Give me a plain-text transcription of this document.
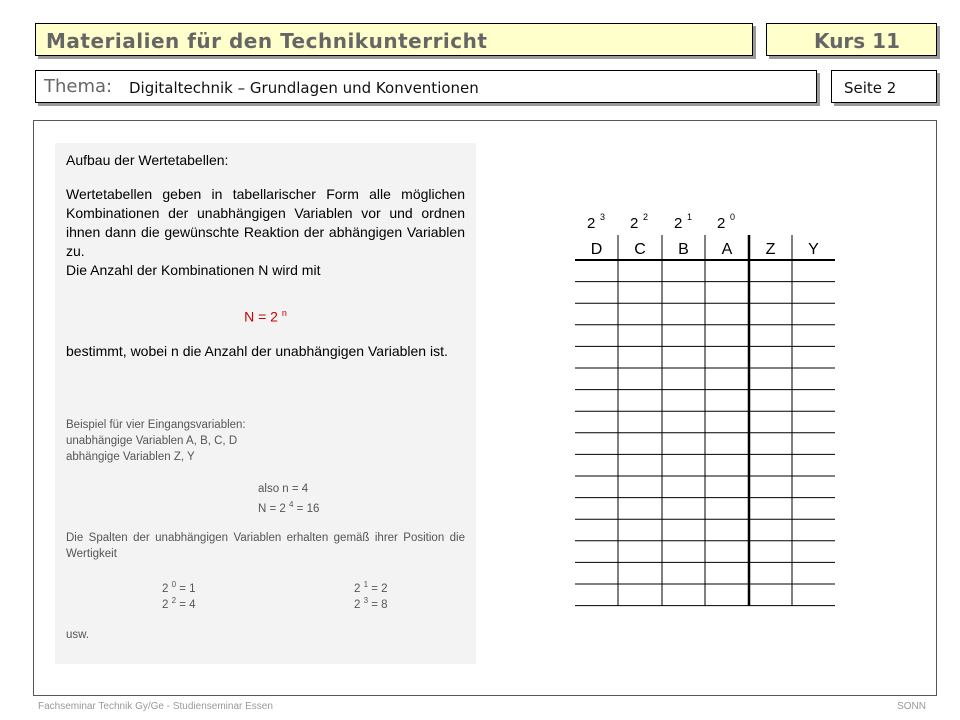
Materialien für den Technikunterricht	Kurs 11
Thema: Digitaltechnik – Grundlagen und Konventionen	Seite 2
Aufbau der Wertetabellen:
Wertetabellen geben in tabellarischer Form alle möglichen Kombinationen der unabhängigen Variablen vor und ordnen ihnen dann die gewünschte Reaktion der abhängigen Variablen zu.
Die Anzahl der Kombinationen N wird mit
N = 2 $^n$
bestimmt, wobei n die Anzahl der unabhängigen Variablen ist.
Beispiel für vier Eingangsvariablen:
unabhängige Variablen A, B, C, D
abhängige Variablen Z, Y
also n = 4
N = 2 $^4$ = 16
Die Spalten der unabhängigen Variablen erhalten gemäß ihrer Position die Wertigkeit
2 $^0$ = 1	2 $^1$ = 2
2 $^2$ = 4	2 $^3$ = 8
usw.
2 3 2 2 2 1 2 0
D C B A Z Y
Fachseminar Technik Gy/Ge - Studienseminar Essen	SONN
